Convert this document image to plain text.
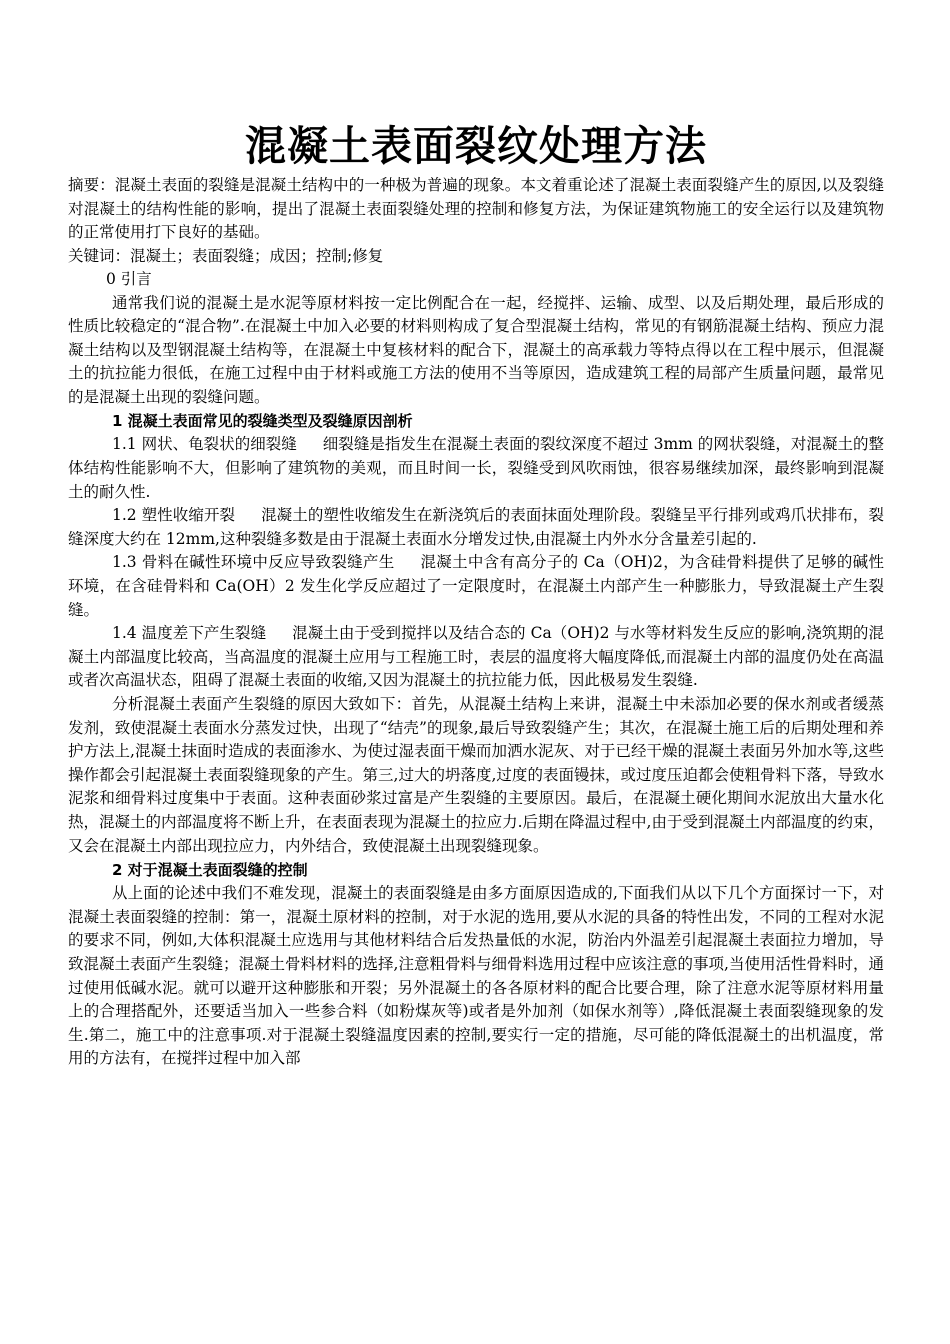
混凝土表面裂纹处理方法

摘要：混凝土表面的裂缝是混凝土结构中的一种极为普遍的现象。本文着重论述了混凝土表面裂缝产生的原因,以及裂缝对混凝土的结构性能的影响，提出了混凝土表面裂缝处理的控制和修复方法，为保证建筑物施工的安全运行以及建筑物的正常使用打下良好的基础。

关键词：混凝土；表面裂缝；成因；控制;修复

0 引言

通常我们说的混凝土是水泥等原材料按一定比例配合在一起，经搅拌、运输、成型、以及后期处理，最后形成的性质比较稳定的“混合物”.在混凝土中加入必要的材料则构成了复合型混凝土结构，常见的有钢筋混凝土结构、预应力混凝土结构以及型钢混凝土结构等，在混凝土中复核材料的配合下，混凝土的高承载力等特点得以在工程中展示，但混凝土的抗拉能力很低，在施工过程中由于材料或施工方法的使用不当等原因，造成建筑工程的局部产生质量问题，最常见的是混凝土出现的裂缝问题。

1 混凝土表面常见的裂缝类型及裂缝原因剖析

1.1 网状、龟裂状的细裂缝 细裂缝是指发生在混凝土表面的裂纹深度不超过 3mm 的网状裂缝，对混凝土的整体结构性能影响不大，但影响了建筑物的美观，而且时间一长，裂缝受到风吹雨蚀，很容易继续加深，最终影响到混凝土的耐久性.

1.2 塑性收缩开裂 混凝土的塑性收缩发生在新浇筑后的表面抹面处理阶段。裂缝呈平行排列或鸡爪状排布，裂缝深度大约在 12mm,这种裂缝多数是由于混凝土表面水分增发过快,由混凝土内外水分含量差引起的.

1.3 骨料在碱性环境中反应导致裂缝产生 混凝土中含有高分子的 Ca（OH)2，为含硅骨料提供了足够的碱性环境，在含硅骨料和 Ca(OH）2 发生化学反应超过了一定限度时，在混凝土内部产生一种膨胀力，导致混凝土产生裂缝。

1.4 温度差下产生裂缝 混凝土由于受到搅拌以及结合态的 Ca（OH)2 与水等材料发生反应的影响,浇筑期的混凝土内部温度比较高，当高温度的混凝土应用与工程施工时，表层的温度将大幅度降低,而混凝土内部的温度仍处在高温或者次高温状态，阻碍了混凝土表面的收缩,又因为混凝土的抗拉能力低，因此极易发生裂缝.

分析混凝土表面产生裂缝的原因大致如下：首先，从混凝土结构上来讲，混凝土中未添加必要的保水剂或者缓蒸发剂，致使混凝土表面水分蒸发过快，出现了“结壳”的现象,最后导致裂缝产生；其次，在混凝土施工后的后期处理和养护方法上,混凝土抹面时造成的表面渗水、为使过湿表面干燥而加洒水泥灰、对于已经干燥的混凝土表面另外加水等,这些操作都会引起混凝土表面裂缝现象的产生。第三,过大的坍落度,过度的表面镘抹，或过度压迫都会使粗骨料下落，导致水泥浆和细骨料过度集中于表面。这种表面砂浆过富是产生裂缝的主要原因。最后，在混凝土硬化期间水泥放出大量水化热，混凝土的内部温度将不断上升，在表面表现为混凝土的拉应力.后期在降温过程中,由于受到混凝土内部温度的约束，又会在混凝土内部出现拉应力，内外结合，致使混凝土出现裂缝现象。

2 对于混凝土表面裂缝的控制

从上面的论述中我们不难发现，混凝土的表面裂缝是由多方面原因造成的,下面我们从以下几个方面探讨一下，对混凝土表面裂缝的控制：第一，混凝土原材料的控制，对于水泥的选用,要从水泥的具备的特性出发，不同的工程对水泥的要求不同，例如,大体积混凝土应选用与其他材料结合后发热量低的水泥，防治内外温差引起混凝土表面拉力增加，导致混凝土表面产生裂缝；混凝土骨料材料的选择,注意粗骨料与细骨料选用过程中应该注意的事项,当使用活性骨料时，通过使用低碱水泥。就可以避开这种膨胀和开裂；另外混凝土的各各原材料的配合比要合理，除了注意水泥等原材料用量上的合理搭配外，还要适当加入一些参合料（如粉煤灰等)或者是外加剂（如保水剂等）,降低混凝土表面裂缝现象的发生.第二，施工中的注意事项.对于混凝土裂缝温度因素的控制,要实行一定的措施，尽可能的降低混凝土的出机温度，常用的方法有，在搅拌过程中加入部
